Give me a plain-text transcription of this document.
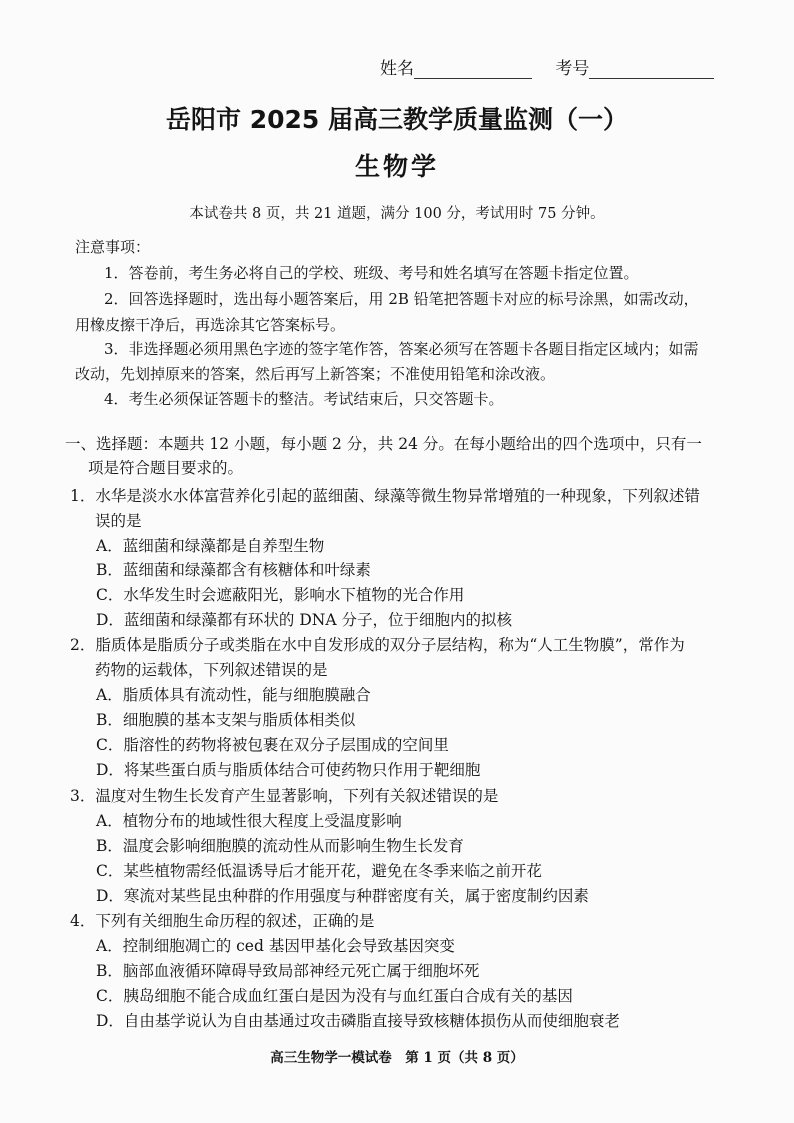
姓名	考号
岳阳市 2025 届高三教学质量监测（一）
生物学
本试卷共 8 页，共 21 道题，满分 100 分，考试用时 75 分钟。
注意事项：
1．答卷前，考生务必将自己的学校、班级、考号和姓名填写在答题卡指定位置。
2．回答选择题时，选出每小题答案后，用 2B 铅笔把答题卡对应的标号涂黑，如需改动，
用橡皮擦干净后，再选涂其它答案标号。
3．非选择题必须用黑色字迹的签字笔作答，答案必须写在答题卡各题目指定区域内；如需
改动，先划掉原来的答案，然后再写上新答案；不准使用铅笔和涂改液。
4．考生必须保证答题卡的整洁。考试结束后，只交答题卡。
一、选择题：本题共 12 小题，每小题 2 分，共 24 分。在每小题给出的四个选项中，只有一
项是符合题目要求的。
1．水华是淡水水体富营养化引起的蓝细菌、绿藻等微生物异常增殖的一种现象，下列叙述错
误的是
A．蓝细菌和绿藻都是自养型生物
B．蓝细菌和绿藻都含有核糖体和叶绿素
C．水华发生时会遮蔽阳光，影响水下植物的光合作用
D．蓝细菌和绿藻都有环状的 DNA 分子，位于细胞内的拟核
2．脂质体是脂质分子或类脂在水中自发形成的双分子层结构，称为“人工生物膜”，常作为
药物的运载体，下列叙述错误的是
A．脂质体具有流动性，能与细胞膜融合
B．细胞膜的基本支架与脂质体相类似
C．脂溶性的药物将被包裹在双分子层围成的空间里
D．将某些蛋白质与脂质体结合可使药物只作用于靶细胞
3．温度对生物生长发育产生显著影响，下列有关叙述错误的是
A．植物分布的地域性很大程度上受温度影响
B．温度会影响细胞膜的流动性从而影响生物生长发育
C．某些植物需经低温诱导后才能开花，避免在冬季来临之前开花
D．寒流对某些昆虫种群的作用强度与种群密度有关，属于密度制约因素
4．下列有关细胞生命历程的叙述，正确的是
A．控制细胞凋亡的 ced 基因甲基化会导致基因突变
B．脑部血液循环障碍导致局部神经元死亡属于细胞坏死
C．胰岛细胞不能合成血红蛋白是因为没有与血红蛋白合成有关的基因
D．自由基学说认为自由基通过攻击磷脂直接导致核糖体损伤从而使细胞衰老
高三生物学一模试卷　第 1 页（共 8 页）
